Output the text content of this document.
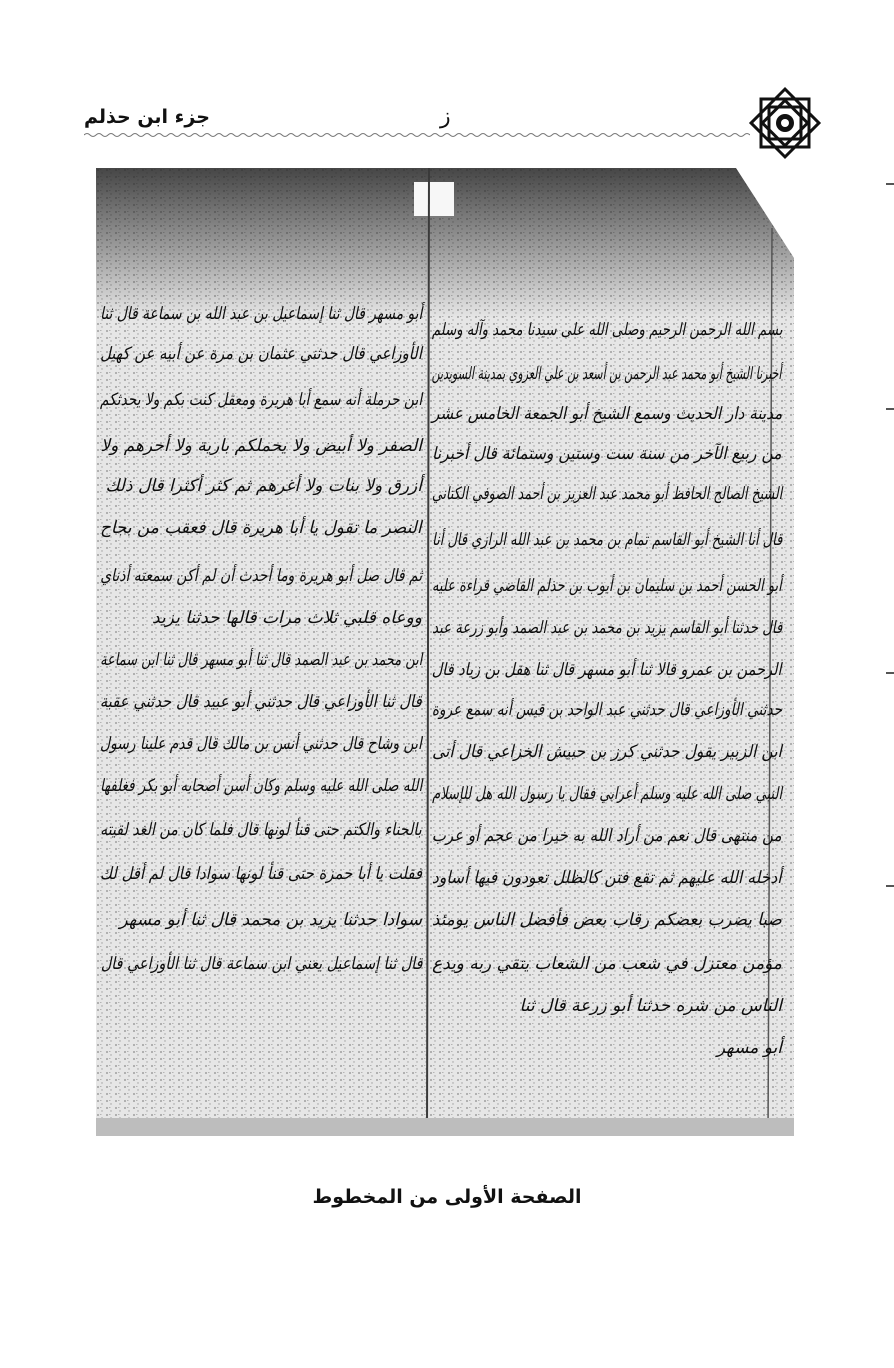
جزء ابن حذلم	ز
بسم الله الرحمن الرحيم وصلى الله على سيدنا محمد وآله وسلم
أخبرنا الشيخ أبو محمد عبد الرحمن بن أسعد بن علي العزوي بمدينة السويدين
مدينة دار الحديث وسمع الشيخ أبو الجمعة الخامس عشر
من ربيع الآخر من سنة ست وستين وستمائة قال أخبرنا
الشيخ الصالح الحافظ أبو محمد عبد العزيز بن أحمد الصوفي الكتاني
قال أنا الشيخ أبو القاسم تمام بن محمد بن عبد الله الرازي قال أنا
أبو الحسن أحمد بن سليمان بن أيوب بن حذلم القاضي قراءة عليه
قال حدثنا أبو القاسم يزيد بن محمد بن عبد الصمد وأبو زرعة عبد
الرحمن بن عمرو قالا ثنا أبو مسهر قال ثنا هقل بن زياد قال
حدثني الأوزاعي قال حدثني عبد الواحد بن قيس أنه سمع عروة
ابن الزبير يقول حدثني كرز بن حبيش الخزاعي قال أتى
النبي صلى الله عليه وسلم أعرابي فقال يا رسول الله هل للإسلام
من منتهى قال نعم من أراد الله به خيرا من عجم أو عرب
أدخله الله عليهم ثم تقع فتن كالظلل تعودون فيها أساود
صبا يضرب بعضكم رقاب بعض فأفضل الناس يومئذ
مؤمن معتزل في شعب من الشعاب يتقي ربه ويدع
الناس من شره حدثنا أبو زرعة قال ثنا
أبو مسهر
أبو مسهر قال ثنا إسماعيل بن عبد الله بن سماعة قال ثنا
الأوزاعي قال حدثني عثمان بن مرة عن أبيه عن كهيل
ابن حرملة أنه سمع أبا هريرة ومعقل كنت بكم ولا يحدثكم
الصفر ولا أبيض ولا يحملكم بارية ولا أحرهم ولا
أزرق ولا بنات ولا أغرهم ثم كثر أكثرا قال ذلك
النصر ما تقول يا أبا هريرة قال فعقب من بجاح
ثم قال صل أبو هريرة وما أحدث أن لم أكن سمعته أذناي
ووعاه قلبي ثلاث مرات قالها حدثنا يزيد
ابن محمد بن عبد الصمد قال ثنا أبو مسهر قال ثنا ابن سماعة
قال ثنا الأوزاعي قال حدثني أبو عبيد قال حدثني عقبة
ابن وشاح قال حدثني أنس بن مالك قال قدم علينا رسول
الله صلى الله عليه وسلم وكان أسن أصحابه أبو بكر فغلفها
بالحناء والكتم حتى قنأ لونها قال فلما كان من الغد لقيته
فقلت يا أبا حمزة حتى قنأ لونها سوادا قال لم أقل لك
سوادا حدثنا يزيد بن محمد قال ثنا أبو مسهر
قال ثنا إسماعيل يعني ابن سماعة قال ثنا الأوزاعي قال
الصفحة الأولى من المخطوط
